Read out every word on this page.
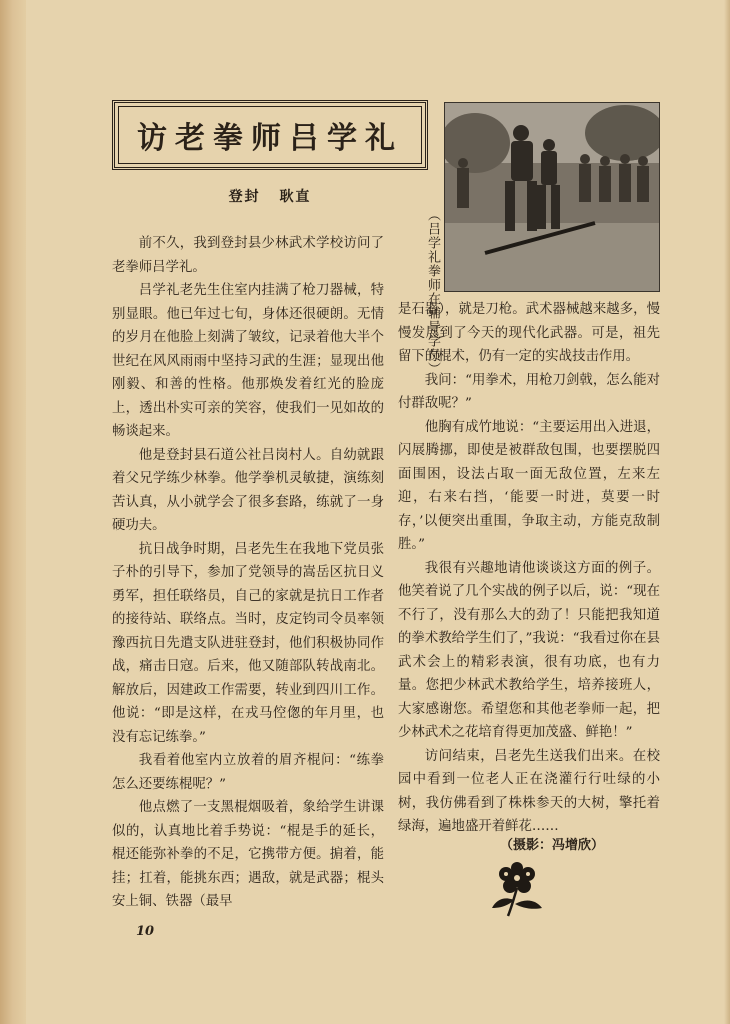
访老拳师吕学礼
登封 耿直
（吕学礼拳师在辅导学员）

前不久，我到登封县少林武术学校访问了老拳师吕学礼。

吕学礼老先生住室内挂满了枪刀器械，特别显眼。他已年过七旬，身体还很硬朗。无情的岁月在他脸上刻满了皱纹，记录着他大半个世纪在风风雨雨中坚持习武的生涯；显现出他刚毅、和善的性格。他那焕发着红光的脸庞上，透出朴实可亲的笑容，使我们一见如故的畅谈起来。

他是登封县石道公社吕岗村人。自幼就跟着父兄学练少林拳。他学拳机灵敏捷，演练刻苦认真，从小就学会了很多套路，练就了一身硬功夫。

抗日战争时期，吕老先生在我地下党员张子朴的引导下，参加了党领导的嵩岳区抗日义勇军，担任联络员，自己的家就是抗日工作者的接待站、联络点。当时，皮定钧司令员率领豫西抗日先遣支队进驻登封，他们积极协同作战，痛击日寇。后来，他又随部队转战南北。解放后，因建政工作需要，转业到四川工作。他说：“即是这样，在戎马倥偬的年月里，也没有忘记练拳。”

我看着他室内立放着的眉齐棍问：“练拳怎么还要练棍呢？”

他点燃了一支黑棍烟吸着，象给学生讲课似的，认真地比着手势说：“棍是手的延长，棍还能弥补拳的不足，它携带方便。掮着，能挂；扛着，能挑东西；遇敌，就是武器；棍头安上铜、铁器（最早

是石器），就是刀枪。武术器械越来越多，慢慢发展到了今天的现代化武器。可是，祖先留下的棍术，仍有一定的实战技击作用。

我问：“用拳术，用枪刀剑戟，怎么能对付群敌呢？”

他胸有成竹地说：“主要运用出入进退，闪展腾挪，即使是被群敌包围，也要摆脱四面围困，设法占取一面无敌位置，左来左迎，右来右挡，‘能要一时进，莫要一时存，’以便突出重围，争取主动，方能克敌制胜。”

我很有兴趣地请他谈谈这方面的例子。他笑着说了几个实战的例子以后，说：“现在不行了，没有那么大的劲了！只能把我知道的拳术教给学生们了，”我说：“我看过你在县武术会上的精彩表演，很有功底，也有力量。您把少林武术教给学生，培养接班人，大家感谢您。希望您和其他老拳师一起，把少林武术之花培育得更加茂盛、鲜艳！”

访问结束，吕老先生送我们出来。在校园中看到一位老人正在浇灌行行吐绿的小树，我仿佛看到了株株参天的大树，擎托着绿海，遍地盛开着鲜花……

（摄影：冯增欣）
10
